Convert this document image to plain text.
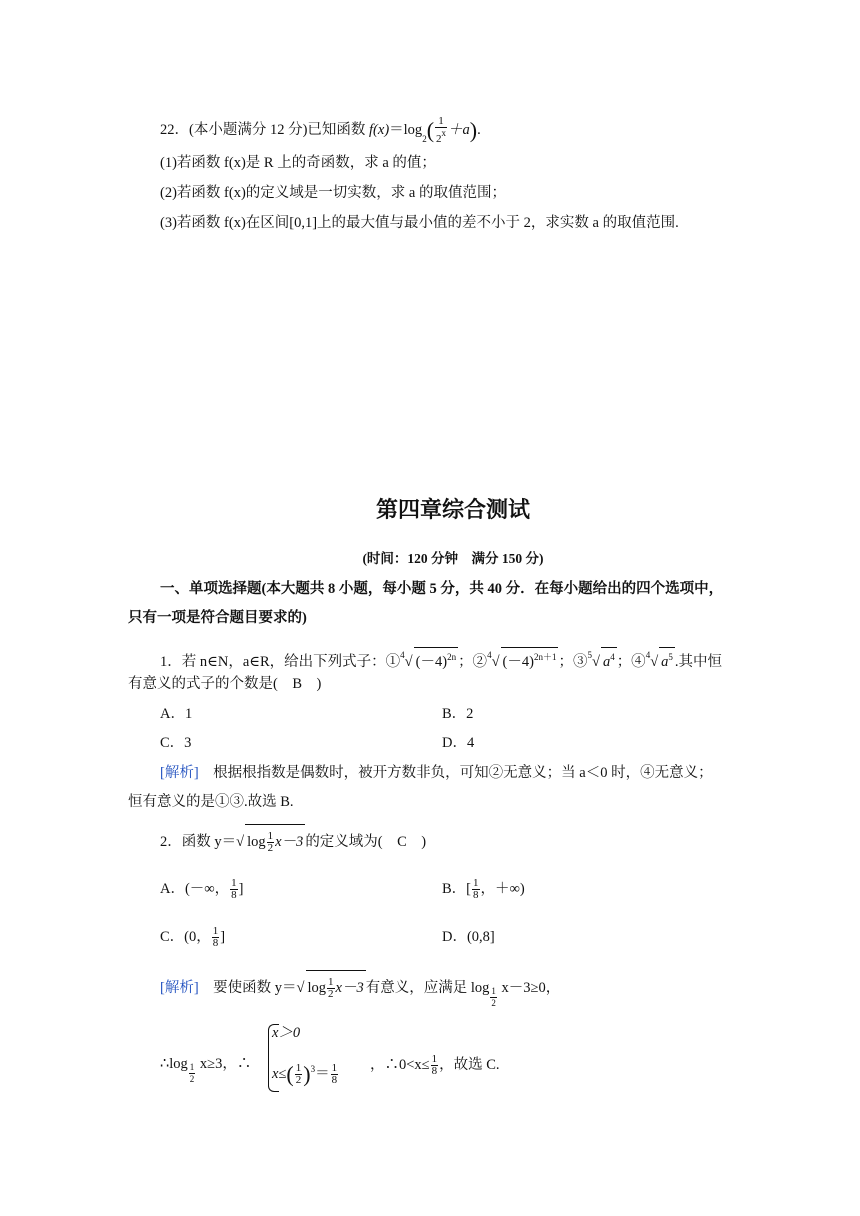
22．(本小题满分 12 分)已知函数 $f(x)=\log_2( \frac{1}{2^x} +a)$.
(1)若函数 f(x)是 R 上的奇函数，求 a 的值；
(2)若函数 f(x)的定义域是一切实数，求 a 的取值范围；
(3)若函数 f(x)在区间[0,1]上的最大值与最小值的差不小于 2，求实数 a 的取值范围.
第四章综合测试
(时间：120 分钟　满分 150 分)
一、单项选择题(本大题共 8 小题，每小题 5 分，共 40 分．在每小题给出的四个选项中，
只有一项是符合题目要求的)
1．若 n∈N，a∈R，给出下列式子：①$^4$√ $(-4)^{2n}$ ；②$^4$√ $(-4)^{2n+1}$ ；③$^5$√ $a^4$ ；④$^4$√ $a^5$ .其中恒
有意义的式子的个数是(　B　)
A．1	B．2
C．3	D．4
[解析]　根据根指数是偶数时，被开方数非负，可知②无意义；当 a＜0 时，④无意义；
恒有意义的是①③.故选 B.
2．函数 y＝√ $\log \frac{1}{2} x-3$ 的定义域为(　C　)
A．(－∞， $\frac{1}{8}$ ]	B．[ $\frac{1}{8}$ ，＋∞)
C．(0， $\frac{1}{8}$ ]	D．(0,8]
[解析]　要使函数 y＝√ $\log \frac{1}{2} x-3$ 有意义，应满足 $\log \frac{1}{2} x-3\ge 0$，
∴log $\frac{1}{2} x\ge 3$，∴
x＞0
$x\le( \frac{1}{2} )^3= \frac{1}{8}$ ，∴0<x≤ $\frac{1}{8}$ ，故选 C.
